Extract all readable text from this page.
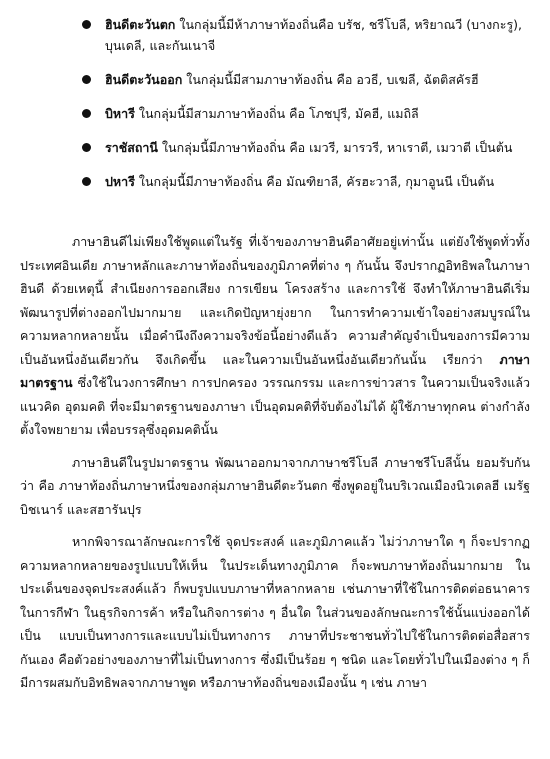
ฮินดีตะวันตก ในกลุ่มนี้มีห้าภาษาท้องถิ่นคือ บรัช, ชรีโบลี, หริยาณวี (บางกะรู), บุนเดลี, และกันเนาจี
ฮินดีตะวันออก ในกลุ่มนี้มีสามภาษาท้องถิ่น คือ อวธี, บเฆลี, ฉัตติสคัรฮี
บิหารี ในกลุ่มนี้มีสามภาษาท้องถิ่น คือ โภชปุรี, มัคฮี, แมถิลี
ราชัสถานี ในกลุ่มนี้มีภาษาท้องถิ่น คือ เมวรี, มารวรี, หาเราตี, เมวาตี เป็นต้น
ปหารี ในกลุ่มนี้มีภาษาท้องถิ่น คือ มัณฑิยาลี, คัรฮะวาลี, กุมาอูนนี เป็นต้น

ภาษาฮินดีไม่เพียงใช้พูดแต่ในรัฐ ที่เจ้าของภาษาฮินดีอาศัยอยู่เท่านั้น แต่ยังใช้พูดทั่วทั้งประเทศอินเดีย ภาษาหลักและภาษาท้องถิ่นของภูมิภาคที่ต่าง ๆ กันนั้น จึงปรากฏอิทธิพลในภาษาฮินดี ด้วยเหตุนี้ สำเนียงการออกเสียง การเขียน โครงสร้าง และการใช้ จึงทำให้ภาษาฮินดีเริ่มพัฒนารูปที่ต่างออกไปมากมาย และเกิดปัญหายุ่งยาก ในการทำความเข้าใจอย่างสมบูรณ์ในความหลากหลายนั้น เมื่อคำนึงถึงความจริงข้อนี้อย่างดีแล้ว ความสำคัญจำเป็นของการมีความเป็นอันหนึ่งอันเดียวกัน จึงเกิดขึ้น และในความเป็นอันหนึ่งอันเดียวกันนั้น เรียกว่า ภาษามาตรฐาน ซึ่งใช้ในวงการศึกษา การปกครอง วรรณกรรม และการข่าวสาร ในความเป็นจริงแล้ว แนวคิด อุดมคติ ที่จะมีมาตรฐานของภาษา เป็นอุดมคติที่จับต้องไม่ได้ ผู้ใช้ภาษาทุกคน ต่างกำลังตั้งใจพยายาม เพื่อบรรลุซึ่งอุดมคตินั้น

ภาษาฮินดีในรูปมาตรฐาน พัฒนาออกมาจากภาษาชรีโบลี ภาษาชรีโบลีนั้น ยอมรับกันว่า คือ ภาษาท้องถิ่นภาษาหนึ่งของกลุ่มภาษาฮินดีตะวันตก ซึ่งพูดอยู่ในบริเวณเมืองนิวเดลฮี เมรัฐ บิชเนาร์ และสฮารันปุร

หากพิจารณาลักษณะการใช้ จุดประสงค์ และภูมิภาคแล้ว ไม่ว่าภาษาใด ๆ ก็จะปรากฏความหลากหลายของรูปแบบให้เห็น ในประเด็นทางภูมิภาค ก็จะพบภาษาท้องถิ่นมากมาย ในประเด็นของจุดประสงค์แล้ว ก็พบรูปแบบภาษาที่หลากหลาย เช่นภาษาที่ใช้ในการติดต่อธนาคาร ในการกีฬา ในธุรกิจการค้า หรือในกิจการต่าง ๆ อื่นใด ในส่วนของลักษณะการใช้นั้นแบ่งออกได้เป็น แบบเป็นทางการและแบบไม่เป็นทางการ ภาษาที่ประชาชนทั่วไปใช้ในการติดต่อสื่อสารกันเอง คือตัวอย่างของภาษาที่ไม่เป็นทางการ ซึ่งมีเป็นร้อย ๆ ชนิด และโดยทั่วไปในเมืองต่าง ๆ ก็มีการผสมกับอิทธิพลจากภาษาพูด หรือภาษาท้องถิ่นของเมืองนั้น ๆ เช่น ภาษา
